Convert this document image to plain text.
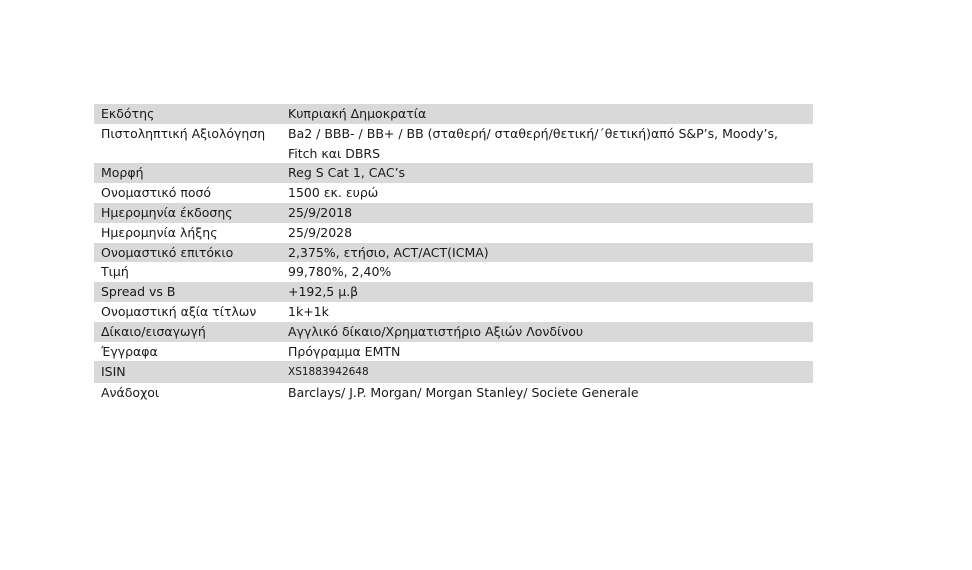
Εκδότης	Κυπριακή Δημοκρατία
Πιστοληπτική Αξιολόγηση	Ba2 / BBB- / BB+ / BB (σταθερή/ σταθερή/θετική/΄θετική)από S&P’s, Moody’s,
Fitch και DBRS
Μορφή	Reg S Cat 1, CAC’s
Ονομαστικό ποσό	1500 εκ. ευρώ
Ημερομηνία έκδοσης	25/9/2018
Ημερομηνία λήξης	25/9/2028
Ονομαστικό επιτόκιο	2,375%, ετήσιο, ACT/ACT(ICMA)
Τιμή	99,780%, 2,40%
Spread vs B	+192,5 μ.β
Ονομαστική αξία τίτλων	1k+1k
Δίκαιο/εισαγωγή	Αγγλικό δίκαιο/Χρηματιστήριο Αξιών Λονδίνου
Έγγραφα	Πρόγραμμα EMTN
ISIN	XS1883942648
Ανάδοχοι	Barclays/ J.P. Morgan/ Morgan Stanley/ Societe Generale
